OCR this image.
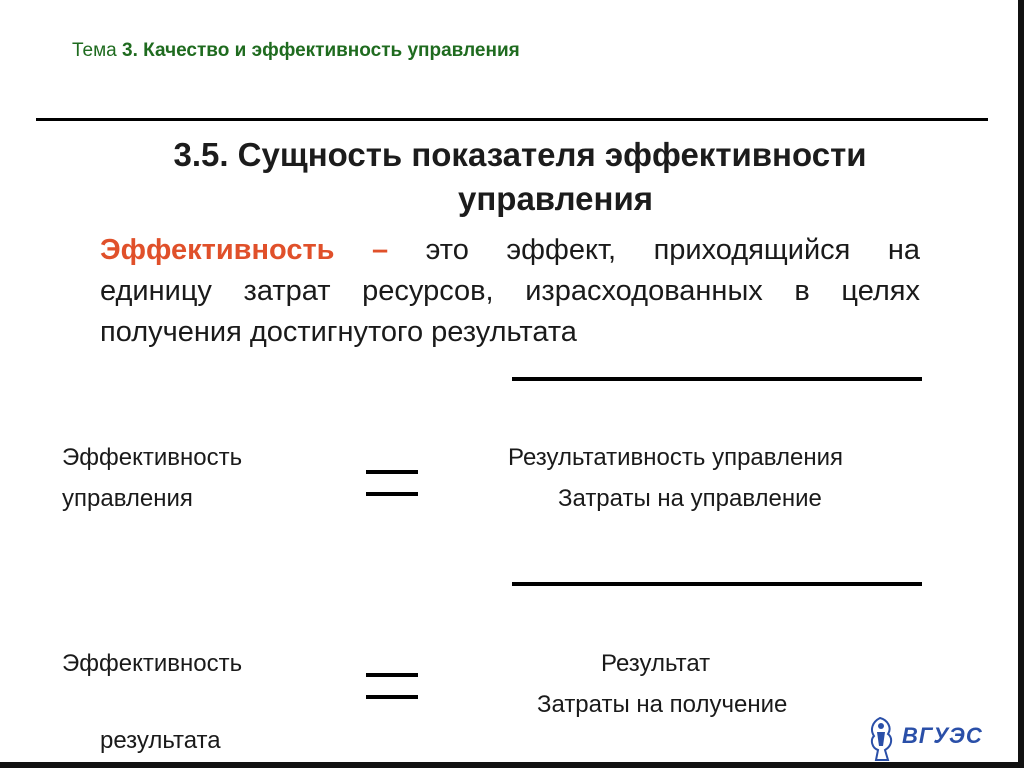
Тема 3. Качество и эффективность управления
3.5. Сущность показателя эффективности
управления
Эффективность – это эффект, приходящийся на
единицу затрат ресурсов, израсходованных в целях
получения достигнутого результата
Эффективность
управления
Результативность управления
Затраты на управление
Эффективность	Результат
Затраты на получение
результата	ВГУЭС
